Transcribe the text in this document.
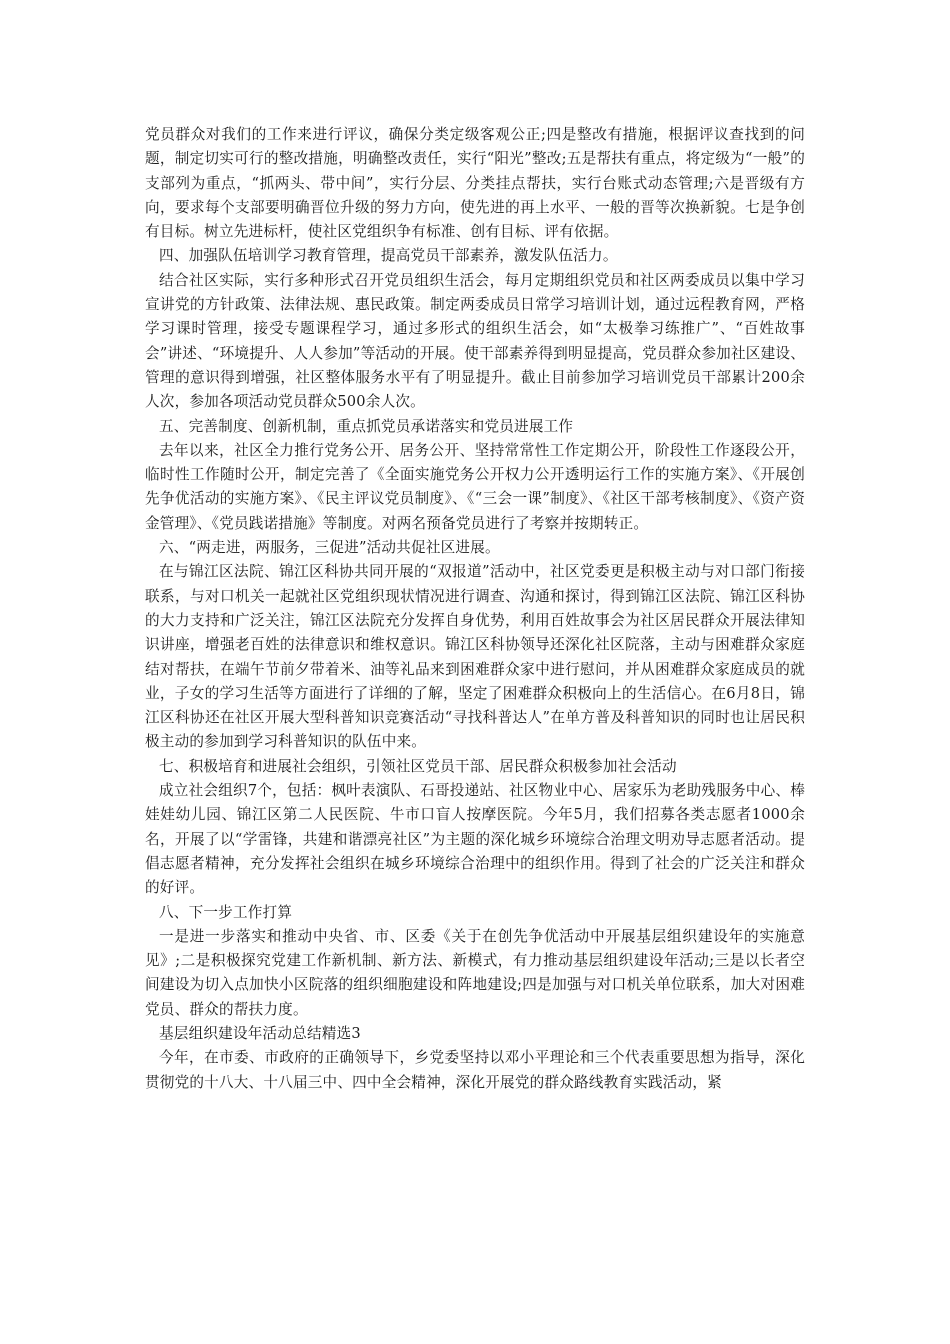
党员群众对我们的工作来进行评议，确保分类定级客观公正;四是整改有措施，根据评议查找到的问题，制定切实可行的整改措施，明确整改责任，实行“阳光”整改;五是帮扶有重点，将定级为“一般”的支部列为重点，“抓两头、带中间”，实行分层、分类挂点帮扶，实行台账式动态管理;六是晋级有方向，要求每个支部要明确晋位升级的努力方向，使先进的再上水平、一般的晋等次换新貌。七是争创有目标。树立先进标杆，使社区党组织争有标准、创有目标、评有依据。

四、加强队伍培训学习教育管理，提高党员干部素养，激发队伍活力。

结合社区实际，实行多种形式召开党员组织生活会，每月定期组织党员和社区两委成员以集中学习宣讲党的方针政策、法律法规、惠民政策。制定两委成员日常学习培训计划，通过远程教育网，严格学习课时管理，接受专题课程学习，通过多形式的组织生活会，如“太极拳习练推广”、“百姓故事会”讲述、“环境提升、人人参加”等活动的开展。使干部素养得到明显提高，党员群众参加社区建设、管理的意识得到增强，社区整体服务水平有了明显提升。截止目前参加学习培训党员干部累计200余人次，参加各项活动党员群众500余人次。

五、完善制度、创新机制，重点抓党员承诺落实和党员进展工作

去年以来，社区全力推行党务公开、居务公开、坚持常常性工作定期公开，阶段性工作逐段公开，临时性工作随时公开，制定完善了《全面实施党务公开权力公开透明运行工作的实施方案》、《开展创先争优活动的实施方案》、《民主评议党员制度》、《“三会一课”制度》、《社区干部考核制度》、《资产资金管理》、《党员践诺措施》等制度。对两名预备党员进行了考察并按期转正。

六、“两走进，两服务，三促进”活动共促社区进展。

在与锦江区法院、锦江区科协共同开展的“双报道”活动中，社区党委更是积极主动与对口部门衔接联系，与对口机关一起就社区党组织现状情况进行调查、沟通和探讨，得到锦江区法院、锦江区科协的大力支持和广泛关注，锦江区法院充分发挥自身优势，利用百姓故事会为社区居民群众开展法律知识讲座，增强老百姓的法律意识和维权意识。锦江区科协领导还深化社区院落，主动与困难群众家庭结对帮扶，在端午节前夕带着米、油等礼品来到困难群众家中进行慰问，并从困难群众家庭成员的就业，子女的学习生活等方面进行了详细的了解，坚定了困难群众积极向上的生活信心。在6月8日，锦江区科协还在社区开展大型科普知识竞赛活动“寻找科普达人”在单方普及科普知识的同时也让居民积极主动的参加到学习科普知识的队伍中来。

七、积极培育和进展社会组织，引领社区党员干部、居民群众积极参加社会活动

成立社会组织7个，包括：枫叶表演队、石哥投递站、社区物业中心、居家乐为老助残服务中心、棒娃娃幼儿园、锦江区第二人民医院、牛市口盲人按摩医院。今年5月，我们招募各类志愿者1000余名，开展了以“学雷锋，共建和谐漂亮社区”为主题的深化城乡环境综合治理文明劝导志愿者活动。提倡志愿者精神，充分发挥社会组织在城乡环境综合治理中的组织作用。得到了社会的广泛关注和群众的好评。

八、下一步工作打算

一是进一步落实和推动中央省、市、区委《关于在创先争优活动中开展基层组织建设年的实施意见》;二是积极探究党建工作新机制、新方法、新模式，有力推动基层组织建设年活动;三是以长者空间建设为切入点加快小区院落的组织细胞建设和阵地建设;四是加强与对口机关单位联系，加大对困难党员、群众的帮扶力度。

基层组织建设年活动总结精选3

今年，在市委、市政府的正确领导下，乡党委坚持以邓小平理论和三个代表重要思想为指导，深化贯彻党的十八大、十八届三中、四中全会精神，深化开展党的群众路线教育实践活动，紧
